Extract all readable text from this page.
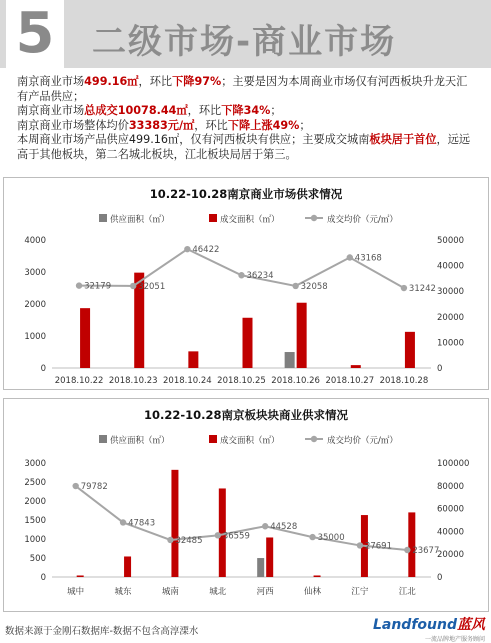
5 二级市场-商业市场

南京商业市场499.16㎡，环比下降97%；主要是因为本周商业市场仅有河西板块升龙天汇有产品供应；

南京商业市场总成交10078.44㎡，环比下降34%；

南京商业市场整体均价33383元/㎡，环比下降上涨49%；

本周商业市场产品供应499.16㎡，仅有河西板块有供应；主要成交城南板块居于首位，远远高于其他板块，第二名城北板块，江北板块局居于第三。

10.22-10.28南京商业市场供求情况
供应面积（㎡）	成交面积（㎡）	成交均价（元/㎡）
0
1000
2000
3000
4000
0
10000
20000
30000
40000
50000
2018.10.22 2018.10.23 2018.10.24 2018.10.25 2018.10.26 2018.10.27 2018.10.28
32179	32051
46422
36234
32058
43168
31242
10.22-10.28南京板块块商业供求情况
供应面积（㎡）	成交面积（㎡）	成交均价（元/㎡）
0
500
1000
1500
2000
2500
3000
0
20000
40000
60000
80000
100000
城中	城东	城南	城北	河西	仙林	江宁	江北
79782
47843
32485 36559
44528
35000
27691 23677
数据来源于金刚石数据库-数据不包含高淳溧水	Landfound蓝风
一流品牌地产服务顾问
